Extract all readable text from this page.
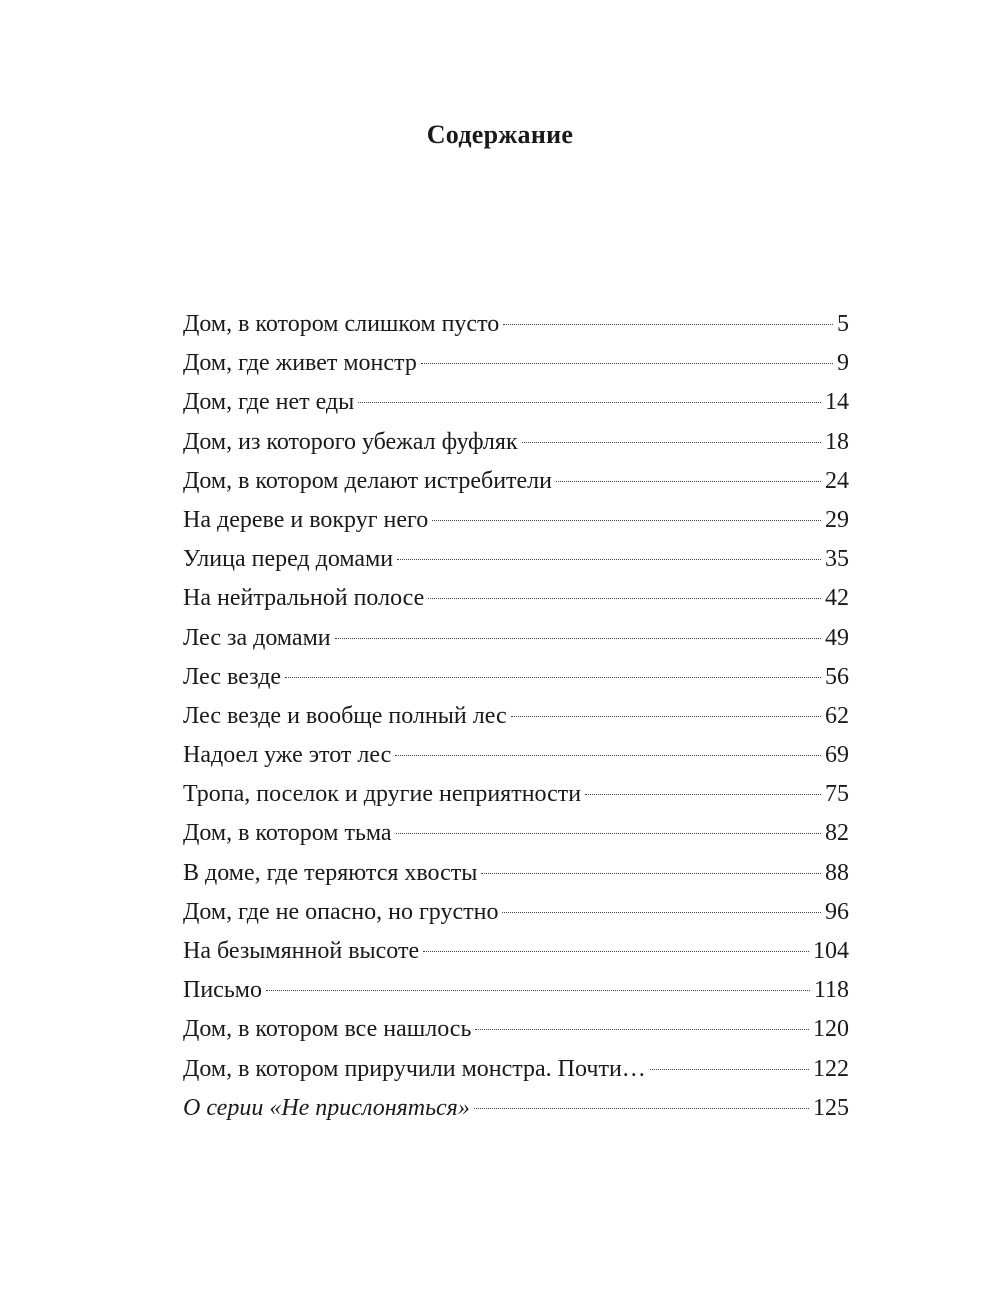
Содержание
Дом, в котором слишком пусто	5
Дом, где живет монстр	9
Дом, где нет еды	14
Дом, из которого убежал фуфляк	18
Дом, в котором делают истребители	24
На дереве и вокруг него	29
Улица перед домами	35
На нейтральной полосе	42
Лес за домами	49
Лес везде	56
Лес везде и вообще полный лес	62
Надоел уже этот лес	69
Тропа, поселок и другие неприятности	75
Дом, в котором тьма	82
В доме, где теряются хвосты	88
Дом, где не опасно, но грустно	96
На безымянной высоте	104
Письмо	118
Дом, в котором все нашлось	120
Дом, в котором приручили монстра. Почти…	122
О серии «Не прислоняться»	125
